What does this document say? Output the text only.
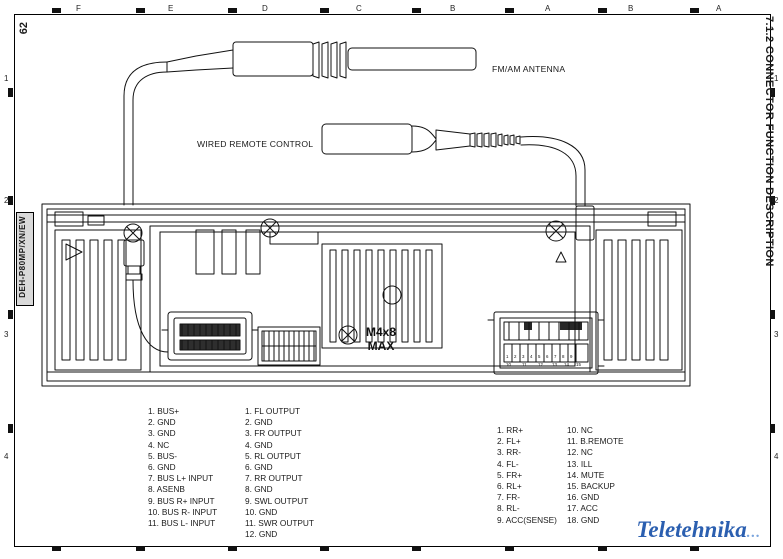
F	E	D	C	B	A	B	A
1
2
3
4
1
2
3
4
62
DEH-P80MP/XN/EW	7.1.2 CONNECTOR FUNCTION DESCRIPTION
1 2 3 4 5 6 7 8 9
10	11	12 13 14 15
M4x8
MAX
FM/AM ANTENNA
WIRED REMOTE CONTROL
1. BUS+
2. GND
3. GND
4. NC
5. BUS-
6. GND
7. BUS L+ INPUT
8. ASENB
9. BUS R+ INPUT
10. BUS R- INPUT
11. BUS L- INPUT
1. FL OUTPUT
2. GND
3. FR OUTPUT
4. GND
5. RL OUTPUT
6. GND
7. RR OUTPUT
8. GND
9. SWL OUTPUT
10. GND
11. SWR OUTPUT
12. GND
1. RR+
2. FL+
3. RR-
4. FL-
5. FR+
6. RL+
7. FR-
8. RL-
9. ACC(SENSE)
10. NC
11. B.REMOTE
12. NC
13. ILL
14. MUTE
15. BACKUP
16. GND
17. ACC
18. GND	Teletehnika...
